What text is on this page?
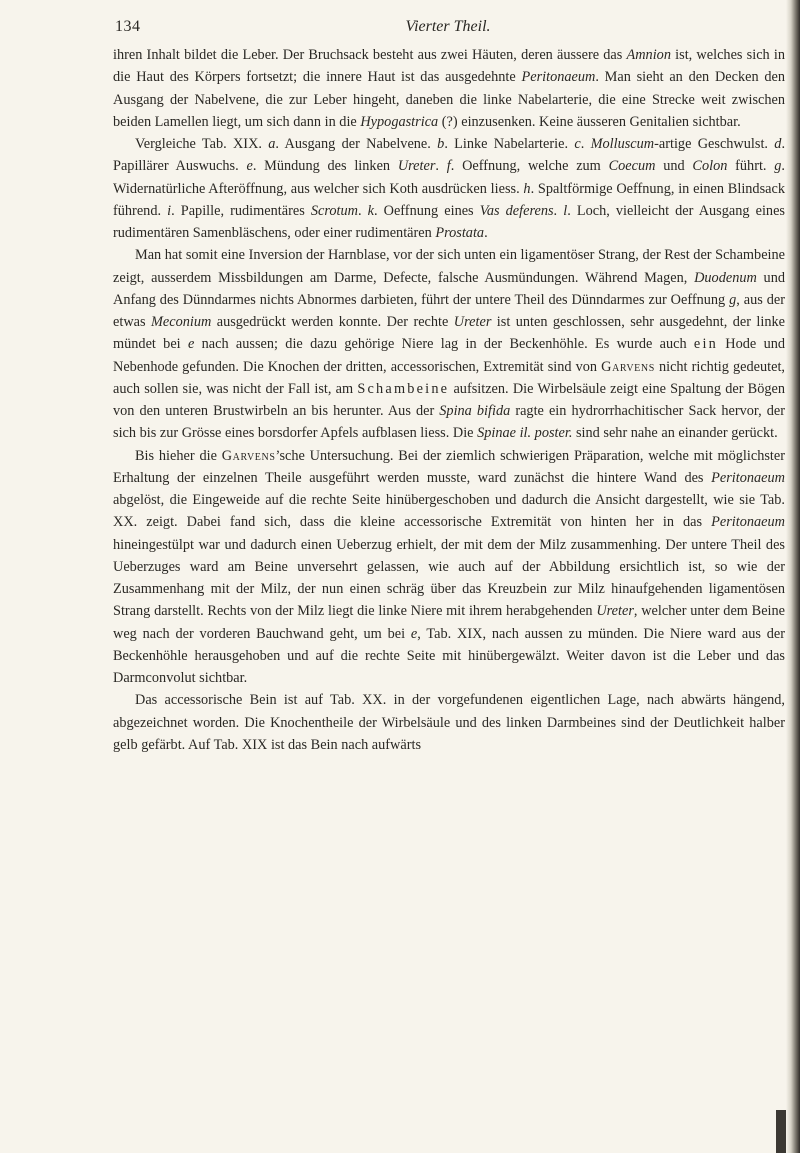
134	Vierter Theil.

ihren Inhalt bildet die Leber. Der Bruchsack besteht aus zwei Häuten, deren äussere das Amnion ist, welches sich in die Haut des Körpers fortsetzt; die innere Haut ist das ausgedehnte Peritonaeum. Man sieht an den Decken den Ausgang der Nabelvene, die zur Leber hingeht, daneben die linke Nabelarterie, die eine Strecke weit zwischen beiden Lamellen liegt, um sich dann in die Hypogastrica (?) einzusenken. Keine äusseren Genitalien sichtbar.

Vergleiche Tab. XIX. a. Ausgang der Nabelvene. b. Linke Nabelarterie. c. Molluscum-artige Geschwulst. d. Papillärer Auswuchs. e. Mündung des linken Ureter. f. Oeffnung, welche zum Coecum und Colon führt. g. Widernatürliche Afteröffnung, aus welcher sich Koth ausdrücken liess. h. Spaltförmige Oeffnung, in einen Blindsack führend. i. Papille, rudimentäres Scrotum. k. Oeffnung eines Vas deferens. l. Loch, vielleicht der Ausgang eines rudimentären Samenbläschens, oder einer rudimentären Prostata.

Man hat somit eine Inversion der Harnblase, vor der sich unten ein ligamentöser Strang, der Rest der Schambeine zeigt, ausserdem Missbildungen am Darme, Defecte, falsche Ausmündungen. Während Magen, Duodenum und Anfang des Dünndarmes nichts Abnormes darbieten, führt der untere Theil des Dünndarmes zur Oeffnung g, aus der etwas Meconium ausgedrückt werden konnte. Der rechte Ureter ist unten geschlossen, sehr ausgedehnt, der linke mündet bei e nach aussen; die dazu gehörige Niere lag in der Beckenhöhle. Es wurde auch ein Hode und Nebenhode gefunden. Die Knochen der dritten, accessorischen, Extremität sind von Garvens nicht richtig gedeutet, auch sollen sie, was nicht der Fall ist, am Schambeine aufsitzen. Die Wirbelsäule zeigt eine Spaltung der Bögen von den unteren Brustwirbeln an bis herunter. Aus der Spina bifida ragte ein hydrorrhachitischer Sack hervor, der sich bis zur Grösse eines borsdorfer Apfels aufblasen liess. Die Spinae il. poster. sind sehr nahe an einander gerückt.

Bis hieher die Garvens’sche Untersuchung. Bei der ziemlich schwierigen Präparation, welche mit möglichster Erhaltung der einzelnen Theile ausgeführt werden musste, ward zunächst die hintere Wand des Peritonaeum abgelöst, die Eingeweide auf die rechte Seite hinübergeschoben und dadurch die Ansicht dargestellt, wie sie Tab. XX. zeigt. Dabei fand sich, dass die kleine accessorische Extremität von hinten her in das Peritonaeum hineingestülpt war und dadurch einen Ueberzug erhielt, der mit dem der Milz zusammenhing. Der untere Theil des Ueberzuges ward am Beine unversehrt gelassen, wie auch auf der Abbildung ersichtlich ist, so wie der Zusammenhang mit der Milz, der nun einen schräg über das Kreuzbein zur Milz hinaufgehenden ligamentösen Strang darstellt. Rechts von der Milz liegt die linke Niere mit ihrem herabgehenden Ureter, welcher unter dem Beine weg nach der vorderen Bauchwand geht, um bei e, Tab. XIX, nach aussen zu münden. Die Niere ward aus der Beckenhöhle herausgehoben und auf die rechte Seite mit hinübergewälzt. Weiter davon ist die Leber und das Darmconvolut sichtbar.

Das accessorische Bein ist auf Tab. XX. in der vorgefundenen eigentlichen Lage, nach abwärts hängend, abgezeichnet worden. Die Knochentheile der Wirbelsäule und des linken Darmbeines sind der Deutlichkeit halber gelb gefärbt. Auf Tab. XIX ist das Bein nach aufwärts
